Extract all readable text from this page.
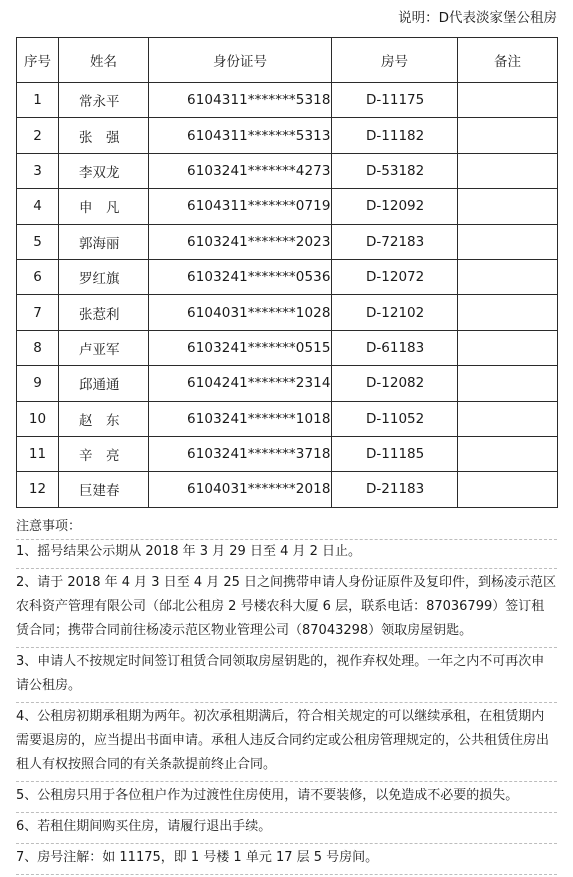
说明：D代表淡家堡公租房
序号	姓名	身份证号	房号	备注
1	常永平	6104311*******5318	D-11175	
2	张　强	6104311*******5313	D-11182	
3	李双龙	6103241*******4273	D-53182	
4	申　凡	6104311*******0719	D-12092	
5	郭海丽	6103241*******2023	D-72183	
6	罗红旗	6103241*******0536	D-12072	
7	张惹利	6104031*******1028	D-12102	
8	卢亚军	6103241*******0515	D-61183	
9	邱通通	6104241*******2314	D-12082	
10	赵　东	6103241*******1018	D-11052	
11	辛　亮	6103241*******3718	D-11185	
12	巨建春	6104031*******2018	D-21183	
注意事项：
1、摇号结果公示期从 2018 年 3 月 29 日至 4 月 2 日止。
2、请于 2018 年 4 月 3 日至 4 月 25 日之间携带申请人身份证原件及复印件，到杨凌示范区农科资产管理有限公司（邰北公租房 2 号楼农科大厦 6 层，联系电话：87036799）签订租赁合同；携带合同前往杨凌示范区物业管理公司（87043298）领取房屋钥匙。
3、申请人不按规定时间签订租赁合同领取房屋钥匙的，视作弃权处理。一年之内不可再次申请公租房。
4、公租房初期承租期为两年。初次承租期满后，符合相关规定的可以继续承租，在租赁期内需要退房的，应当提出书面申请。承租人违反合同约定或公租房管理规定的，公共租赁住房出租人有权按照合同的有关条款提前终止合同。
5、公租房只用于各位租户作为过渡性住房使用，请不要装修，以免造成不必要的损失。
6、若租住期间购买住房，请履行退出手续。
7、房号注解：如 11175，即 1 号楼 1 单元 17 层 5 号房间。
